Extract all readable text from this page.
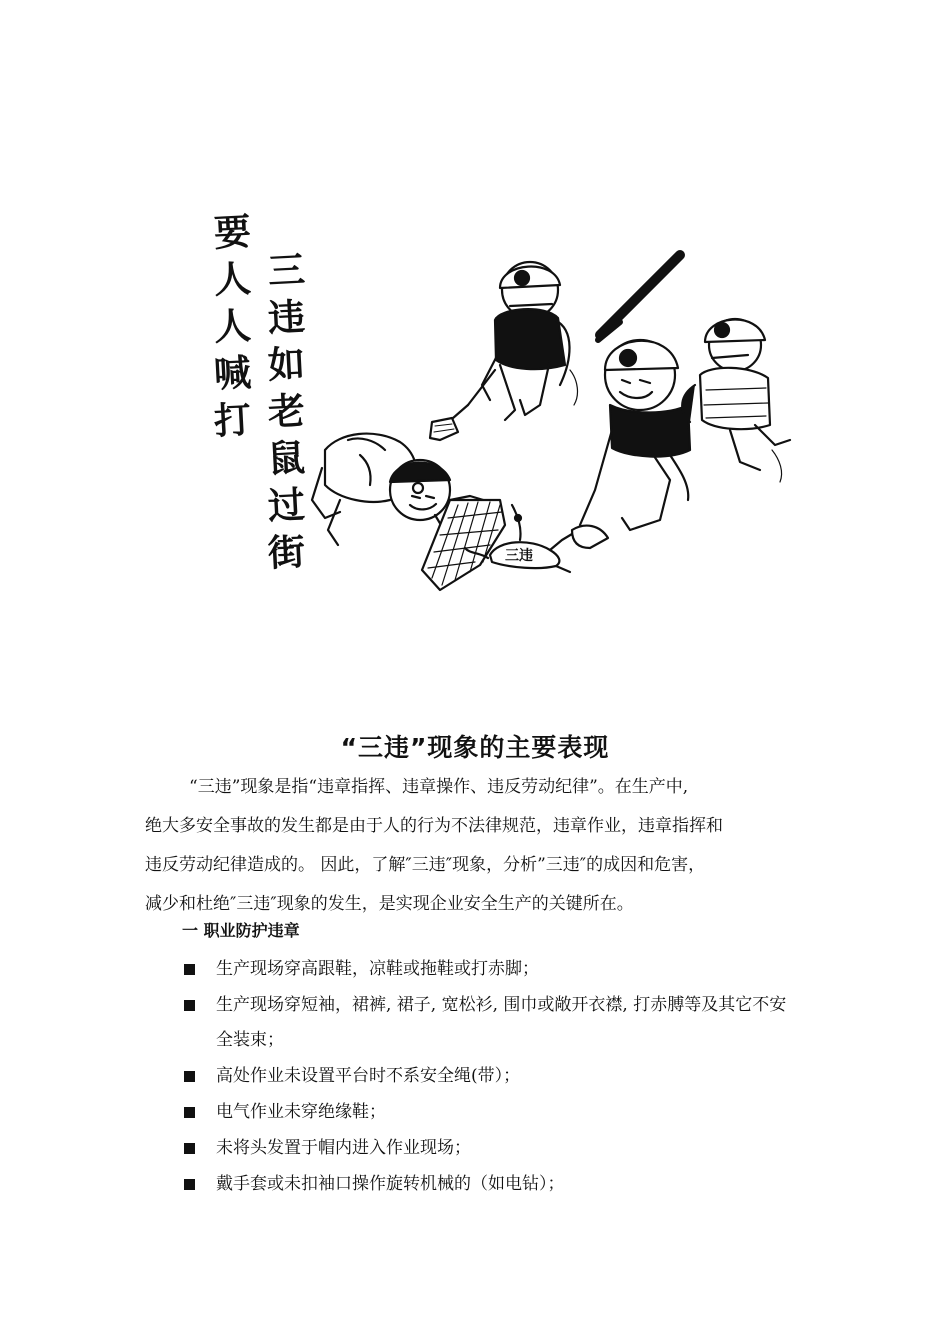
要
人
人
喊
打
三
违
如
老
鼠
过
街	三违
“三违”现象的主要表现
“三违”现象是指“违章指挥、违章操作、违反劳动纪律”。在生产中,
绝大多安全事故的发生都是由于人的行为不法律规范，违章作业，违章指挥和
违反劳动纪律造成的。 因此，了解″三违″现象，分析”三违″的成因和危害，
减少和杜绝″三违″现象的发生，是实现企业安全生产的关键所在。
一 职业防护违章
生产现场穿高跟鞋，凉鞋或拖鞋或打赤脚；
生产现场穿短袖，裙裤, 裙子, 宽松衫, 围巾或敞开衣襟, 打赤膊等及其它不安全装束；
高处作业未设置平台时不系安全绳(带）；
电气作业未穿绝缘鞋；
未将头发置于帽内进入作业现场；
戴手套或未扣袖口操作旋转机械的（如电钻）；
